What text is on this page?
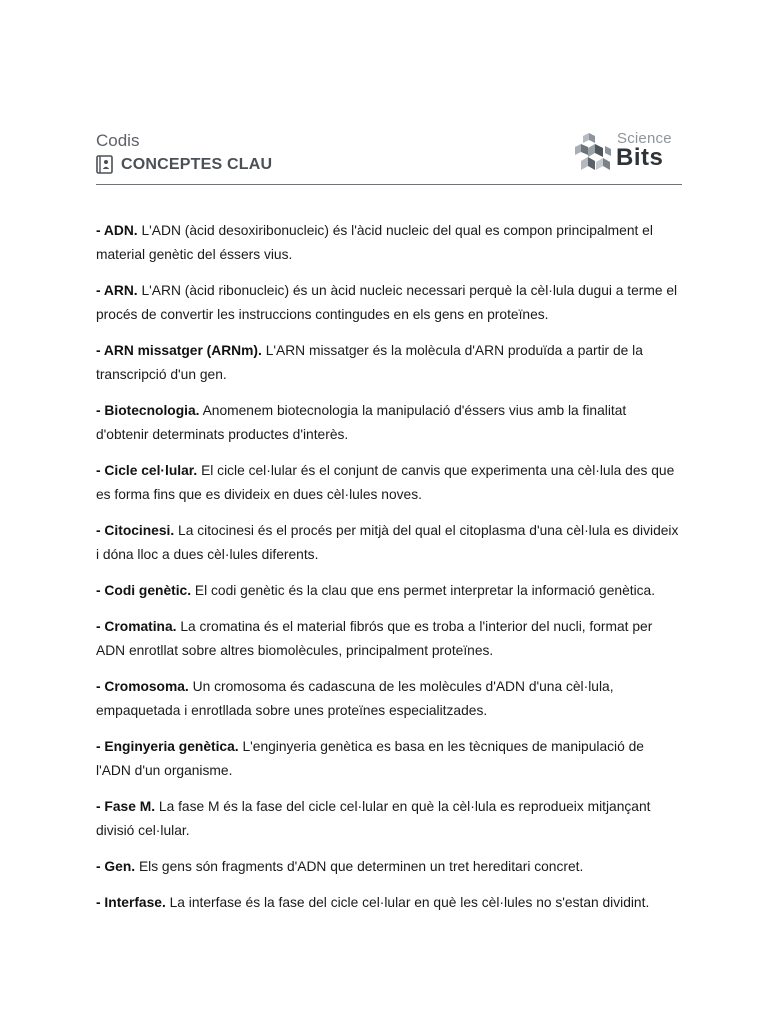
Codis
CONCEPTES CLAU
Science
Bits
- ADN. L'ADN (àcid desoxiribonucleic) és l'àcid nucleic del qual es compon principalment el material genètic del éssers vius.
- ARN. L'ARN (àcid ribonucleic) és un àcid nucleic necessari perquè la cèl·lula dugui a terme el procés de convertir les instruccions contingudes en els gens en proteïnes.
- ARN missatger (ARNm). L'ARN missatger és la molècula d'ARN produïda a partir de la transcripció d'un gen.
- Biotecnologia. Anomenem biotecnologia la manipulació d'éssers vius amb la finalitat d'obtenir determinats productes d'interès.
- Cicle cel·lular. El cicle cel·lular és el conjunt de canvis que experimenta una cèl·lula des que es forma fins que es divideix en dues cèl·lules noves.
- Citocinesi. La citocinesi és el procés per mitjà del qual el citoplasma d'una cèl·lula es divideix i dóna lloc a dues cèl·lules diferents.
- Codi genètic. El codi genètic és la clau que ens permet interpretar la informació genètica.
- Cromatina. La cromatina és el material fibrós que es troba a l'interior del nucli, format per ADN enrotllat sobre altres biomolècules, principalment proteïnes.
- Cromosoma. Un cromosoma és cadascuna de les molècules d'ADN d'una cèl·lula, empaquetada i enrotllada sobre unes proteïnes especialitzades.
- Enginyeria genètica. L'enginyeria genètica es basa en les tècniques de manipulació de l'ADN d'un organisme.
- Fase M. La fase M és la fase del cicle cel·lular en què la cèl·lula es reprodueix mitjançant divisió cel·lular.
- Gen. Els gens són fragments d'ADN que determinen un tret hereditari concret.
- Interfase. La interfase és la fase del cicle cel·lular en què les cèl·lules no s'estan dividint.
